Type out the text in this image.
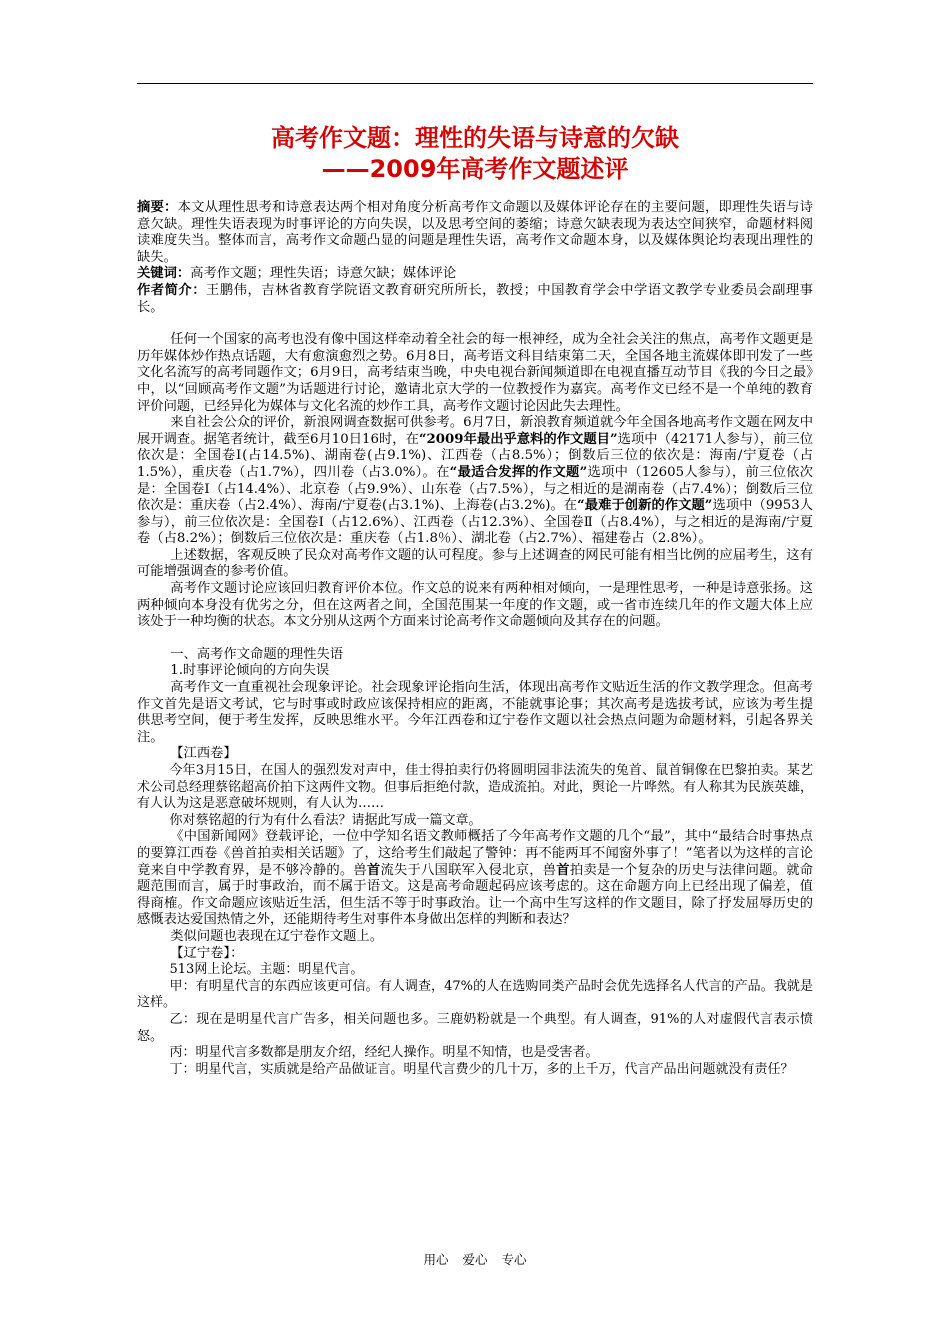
高考作文题：理性的失语与诗意的欠缺
——2009年高考作文题述评

摘要：本文从理性思考和诗意表达两个相对角度分析高考作文命题以及媒体评论存在的主要问题，即理性失语与诗意欠缺。理性失语表现为时事评论的方向失误，以及思考空间的萎缩；诗意欠缺表现为表达空间狭窄，命题材料阅读难度失当。整体而言，高考作文命题凸显的问题是理性失语，高考作文命题本身，以及媒体舆论均表现出理性的缺失。

关键词：高考作文题；理性失语；诗意欠缺；媒体评论

作者简介：王鹏伟，吉林省教育学院语文教育研究所所长，教授；中国教育学会中学语文教学专业委员会副理事长。

任何一个国家的高考也没有像中国这样牵动着全社会的每一根神经，成为全社会关注的焦点，高考作文题更是历年媒体炒作热点话题，大有愈演愈烈之势。6月8日，高考语文科目结束第二天，全国各地主流媒体即刊发了一些文化名流写的高考同题作文；6月9日，高考结束当晚，中央电视台新闻频道即在电视直播互动节目《我的今日之最》中，以“回顾高考作文题”为话题进行讨论，邀请北京大学的一位教授作为嘉宾。高考作文已经不是一个单纯的教育评价问题，已经异化为媒体与文化名流的炒作工具，高考作文题讨论因此失去理性。

来自社会公众的评价，新浪网调查数据可供参考。6月7日，新浪教育频道就今年全国各地高考作文题在网友中展开调查。据笔者统计，截至6月10日16时，在“2009年最出乎意料的作文题目”选项中（42171人参与），前三位依次是：全国卷Ⅰ(占14.5%)、湖南卷(占9.1%)、江西卷（占8.5%）；倒数后三位的依次是：海南/宁夏卷（占1.5%），重庆卷（占1.7%），四川卷（占3.0%）。在“最适合发挥的作文题”选项中（12605人参与），前三位依次是：全国卷Ⅰ（占14.4%）、北京卷（占9.9%）、山东卷（占7.5%），与之相近的是湖南卷（占7.4%）；倒数后三位依次是：重庆卷（占2.4%）、海南/宁夏卷(占3.1%)、上海卷(占3.2%)。在“最难于创新的作文题”选项中（9953人参与），前三位依次是：全国卷Ⅰ（占12.6%）、江西卷（占12.3%）、全国卷Ⅱ（占8.4%），与之相近的是海南/宁夏卷（占8.2%）；倒数后三位依次是：重庆卷（占1.8％）、湖北卷（占2.7%）、福建卷占（2.8%）。

上述数据，客观反映了民众对高考作文题的认可程度。参与上述调查的网民可能有相当比例的应届考生，这有可能增强调查的参考价值。

高考作文题讨论应该回归教育评价本位。作文总的说来有两种相对倾向，一是理性思考，一种是诗意张扬。这两种倾向本身没有优劣之分，但在这两者之间，全国范围某一年度的作文题，或一省市连续几年的作文题大体上应该处于一种均衡的状态。本文分别从这两个方面来讨论高考作文命题倾向及其存在的问题。

一、高考作文命题的理性失语

1.时事评论倾向的方向失误

高考作文一直重视社会现象评论。社会现象评论指向生活，体现出高考作文贴近生活的作文教学理念。但高考作文首先是语文考试，它与时事或时政应该保持相应的距离，不能就事论事；其次高考是选拔考试，应该为考生提供思考空间，便于考生发挥，反映思维水平。今年江西卷和辽宁卷作文题以社会热点问题为命题材料，引起各界关注。

【江西卷】

今年3月15日，在国人的强烈发对声中，佳士得拍卖行仍将圆明园非法流失的兔首、鼠首铜像在巴黎拍卖。某艺术公司总经理蔡铭超高价拍下这两件文物。但事后拒绝付款，造成流拍。对此，舆论一片哗然。有人称其为民族英雄，有人认为这是恶意破坏规则，有人认为……

你对蔡铭超的行为有什么看法？请据此写成一篇文章。

《中国新闻网》登载评论，一位中学知名语文教师概括了今年高考作文题的几个“最”，其中“最结合时事热点的要算江西卷《兽首拍卖相关话题》了，这给考生们敲起了警钟：再不能两耳不闻窗外事了！”笔者以为这样的言论竟来自中学教育界，是不够冷静的。兽首流失于八国联军入侵北京，兽首拍卖是一个复杂的历史与法律问题。就命题范围而言，属于时事政治，而不属于语文。这是高考命题起码应该考虑的。这在命题方向上已经出现了偏差，值得商榷。作文命题应该贴近生活，但生活不等于时事政治。让一个高中生写这样的作文题目，除了抒发屈辱历史的感慨表达爱国热情之外，还能期待考生对事件本身做出怎样的判断和表达？

类似问题也表现在辽宁卷作文题上。

【辽宁卷】：

513网上论坛。主题：明星代言。

甲：有明星代言的东西应该更可信。有人调查，47%的人在选购同类产品时会优先选择名人代言的产品。我就是这样。

乙：现在是明星代言广告多，相关问题也多。三鹿奶粉就是一个典型。有人调查，91%的人对虚假代言表示愤怒。

丙：明星代言多数都是朋友介绍，经纪人操作。明星不知情，也是受害者。

丁：明星代言，实质就是给产品做证言。明星代言费少的几十万，多的上千万，代言产品出问题就没有责任？

用心 爱心 专心
